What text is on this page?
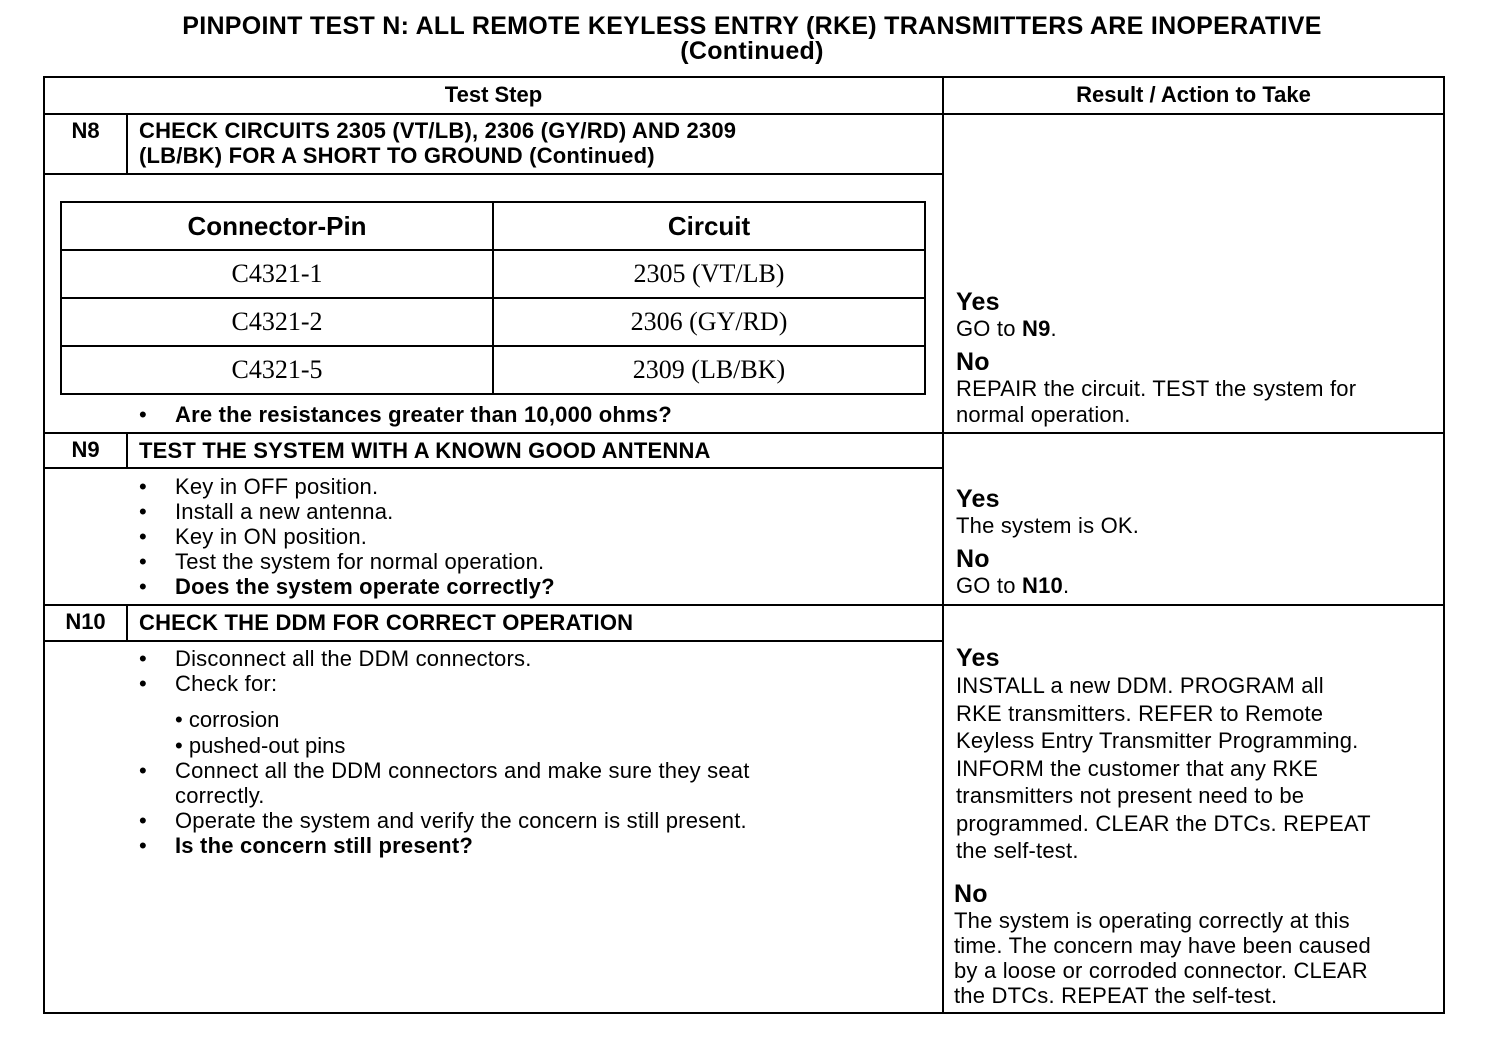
PINPOINT TEST N: ALL REMOTE KEYLESS ENTRY (RKE) TRANSMITTERS ARE INOPERATIVE
(Continued)
Test Step	Result / Action to Take
N8	CHECK CIRCUITS 2305 (VT/LB), 2306 (GY/RD) AND 2309
(LB/BK) FOR A SHORT TO GROUND (Continued)
Connector-Pin	Circuit
C4321-1	2305 (VT/LB)
C4321-2	2306 (GY/RD)
C4321-5	2309 (LB/BK)
• Are the resistances greater than 10,000 ohms?
Yes
GO to N9.
No
REPAIR the circuit. TEST the system for
normal operation.
N9	TEST THE SYSTEM WITH A KNOWN GOOD ANTENNA
• Key in OFF position.
• Install a new antenna.
• Key in ON position.
• Test the system for normal operation.
• Does the system operate correctly?
Yes
The system is OK.
No
GO to N10.
N10	CHECK THE DDM FOR CORRECT OPERATION
• Disconnect all the DDM connectors.
• Check for:
• corrosion
• pushed-out pins
• Connect all the DDM connectors and make sure they seat
correctly.
• Operate the system and verify the concern is still present.
• Is the concern still present?
Yes
INSTALL a new DDM. PROGRAM all
RKE transmitters. REFER to Remote
Keyless Entry Transmitter Programming.
INFORM the customer that any RKE
transmitters not present need to be
programmed. CLEAR the DTCs. REPEAT
the self-test.
No
The system is operating correctly at this
time. The concern may have been caused
by a loose or corroded connector. CLEAR
the DTCs. REPEAT the self-test.
